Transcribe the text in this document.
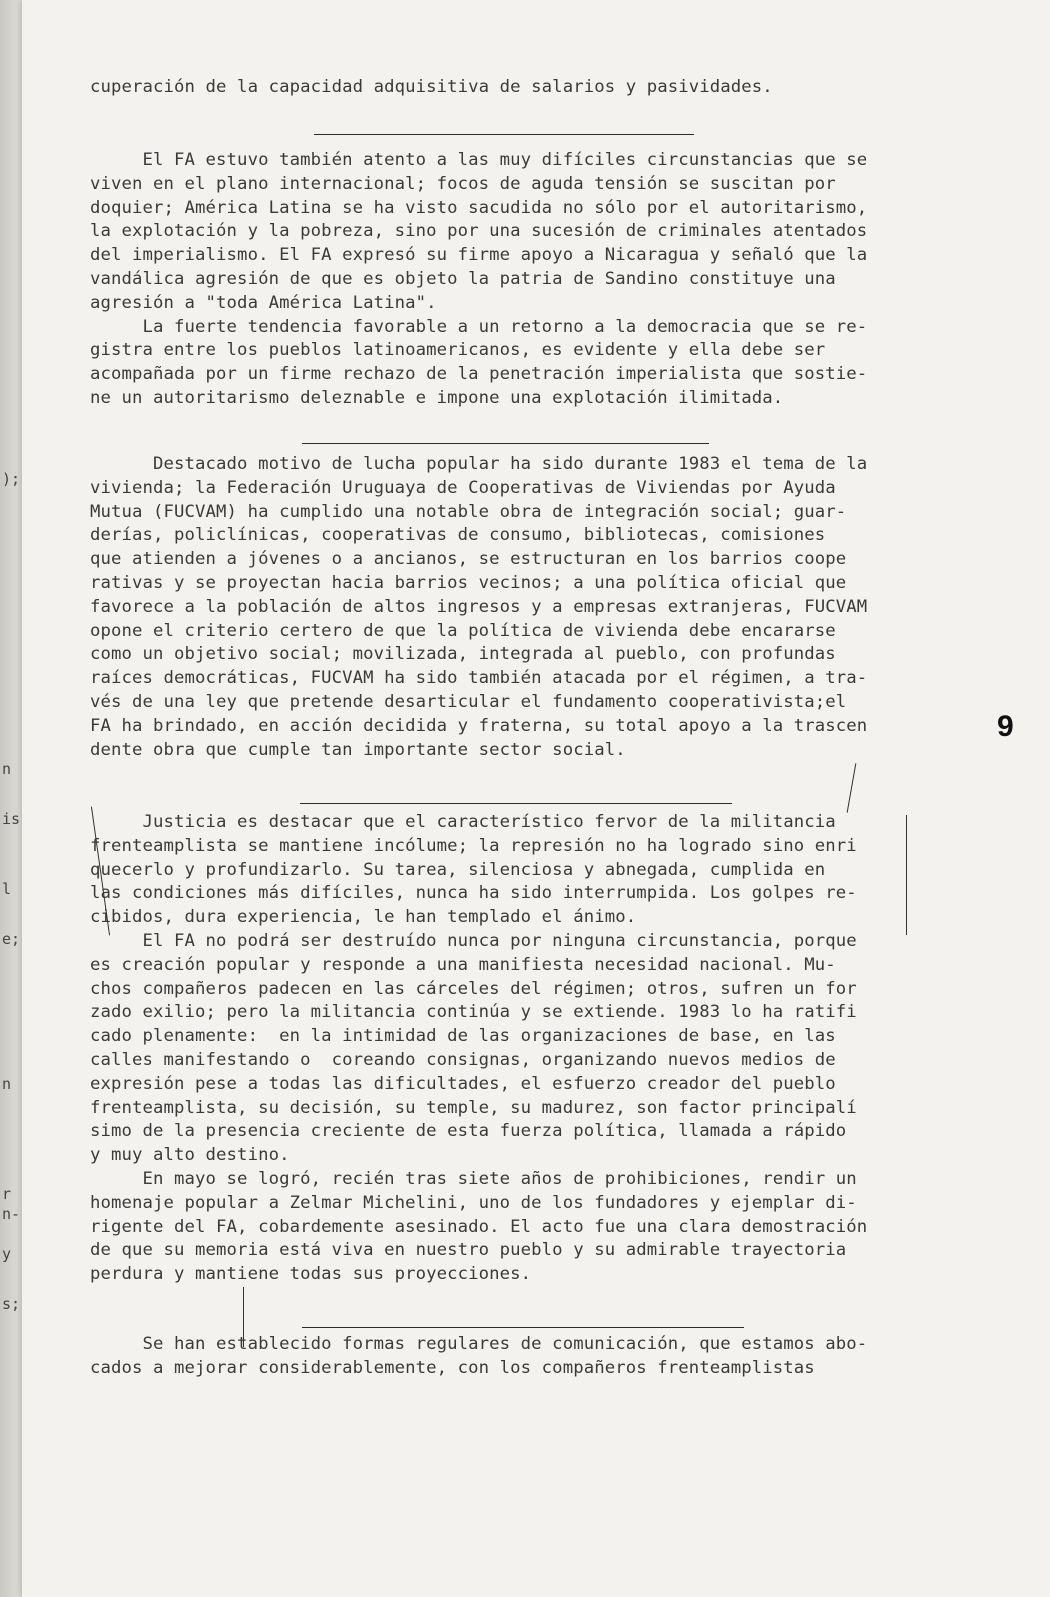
);
n
is
l
e;
n
r
n-
y
s;
cuperación de la capacidad adquisitiva de salarios y pasividades.
El FA estuvo también atento a las muy difíciles circunstancias que se
viven en el plano internacional; focos de aguda tensión se suscitan por
doquier; América Latina se ha visto sacudida no sólo por el autoritarismo,
la explotación y la pobreza, sino por una sucesión de criminales atentados
del imperialismo. El FA expresó su firme apoyo a Nicaragua y señaló que la
vandálica agresión de que es objeto la patria de Sandino constituye una
agresión a "toda América Latina".
La fuerte tendencia favorable a un retorno a la democracia que se re-
gistra entre los pueblos latinoamericanos, es evidente y ella debe ser
acompañada por un firme rechazo de la penetración imperialista que sostie-
ne un autoritarismo deleznable e impone una explotación ilimitada.
Destacado motivo de lucha popular ha sido durante 1983 el tema de la
vivienda; la Federación Uruguaya de Cooperativas de Viviendas por Ayuda
Mutua (FUCVAM) ha cumplido una notable obra de integración social; guar-
derías, policlínicas, cooperativas de consumo, bibliotecas, comisiones
que atienden a jóvenes o a ancianos, se estructuran en los barrios coope
rativas y se proyectan hacia barrios vecinos; a una política oficial que
favorece a la población de altos ingresos y a empresas extranjeras, FUCVAM
opone el criterio certero de que la política de vivienda debe encararse
como un objetivo social; movilizada, integrada al pueblo, con profundas
raíces democráticas, FUCVAM ha sido también atacada por el régimen, a tra-
vés de una ley que pretende desarticular el fundamento cooperativista;el
FA ha brindado, en acción decidida y fraterna, su total apoyo a la trascen
dente obra que cumple tan importante sector social.
Justicia es destacar que el característico fervor de la militancia
frenteamplista se mantiene incólume; la represión no ha logrado sino enri
quecerlo y profundizarlo. Su tarea, silenciosa y abnegada, cumplida en
las condiciones más difíciles, nunca ha sido interrumpida. Los golpes re-
cibidos, dura experiencia, le han templado el ánimo.
El FA no podrá ser destruído nunca por ninguna circunstancia, porque
es creación popular y responde a una manifiesta necesidad nacional. Mu-
chos compañeros padecen en las cárceles del régimen; otros, sufren un for
zado exilio; pero la militancia continúa y se extiende. 1983 lo ha ratifi
cado plenamente:  en la intimidad de las organizaciones de base, en las
calles manifestando o  coreando consignas, organizando nuevos medios de
expresión pese a todas las dificultades, el esfuerzo creador del pueblo
frenteamplista, su decisión, su temple, su madurez, son factor principalí
simo de la presencia creciente de esta fuerza política, llamada a rápido
y muy alto destino.
En mayo se logró, recién tras siete años de prohibiciones, rendir un
homenaje popular a Zelmar Michelini, uno de los fundadores y ejemplar di-
rigente del FA, cobardemente asesinado. El acto fue una clara demostración
de que su memoria está viva en nuestro pueblo y su admirable trayectoria
perdura y mantiene todas sus proyecciones.
Se han establecido formas regulares de comunicación, que estamos abo-
cados a mejorar considerablemente, con los compañeros frenteamplistas
9
